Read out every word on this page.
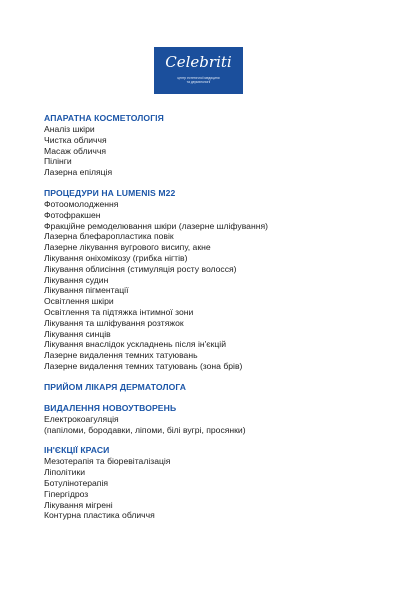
Celebriti
центр естетичної медицини
та дерматології
АПАРАТНА КОСМЕТОЛОГІЯ
Аналіз шкіри
Чистка обличчя
Масаж обличчя
Пілінги
Лазерна епіляція
ПРОЦЕДУРИ НА LUMENIS M22
Фотоомолодження
Фотофракшен
Фракційне ремоделювання шкіри (лазерне шліфування)
Лазерна блефаропластика повік
Лазерне лікування вугрового висипу, акне
Лікування оніхомікозу (грибка нігтів)
Лікування облисіння (стимуляція росту волосся)
Лікування судин
Лікування пігментації
Освітлення шкіри
Освітлення та підтяжка інтимної зони
Лікування та шліфування розтяжок
Лікування синців
Лікування внаслідок ускладнень після ін'єкцій
Лазерне видалення темних татуювань
Лазерне видалення темних татуювань (зона брів)
ПРИЙОМ ЛІКАРЯ ДЕРМАТОЛОГА
ВИДАЛЕННЯ НОВОУТВОРЕНЬ
Електрокоагуляція
(папіломи, бородавки, ліпоми, білі вугрі, просянки)
ІН'ЄКЦІЇ КРАСИ
Мезотерапія та біоревіталізація
Ліполітики
Ботулінотерапія
Гіпергідроз
Лікування мігрені
Контурна пластика обличчя
